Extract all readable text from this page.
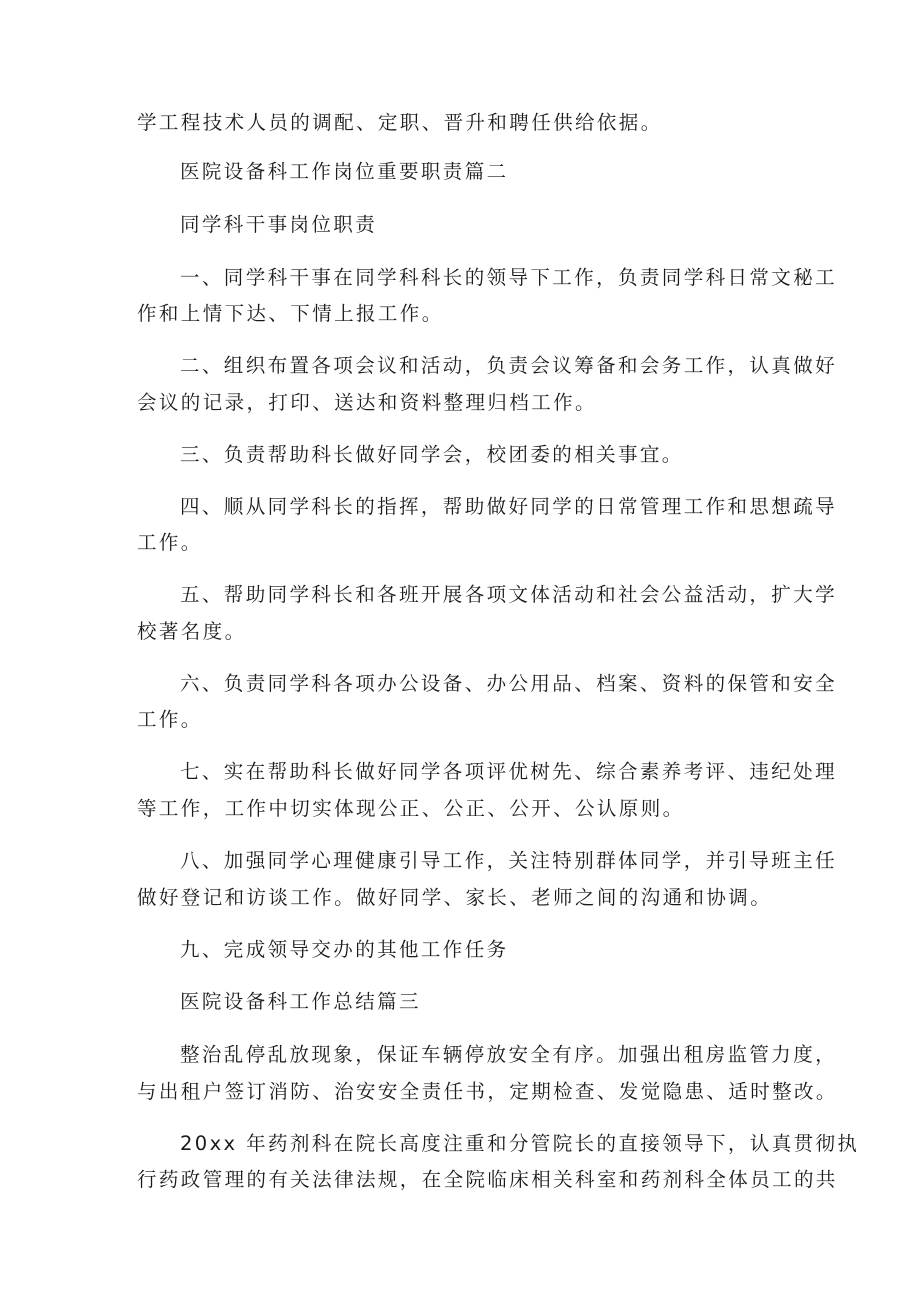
学工程技术人员的调配、定职、晋升和聘任供给依据。
医院设备科工作岗位重要职责篇二
同学科干事岗位职责
一、同学科干事在同学科科长的领导下工作，负责同学科日常文秘工
作和上情下达、下情上报工作。
二、组织布置各项会议和活动，负责会议筹备和会务工作，认真做好
会议的记录，打印、送达和资料整理归档工作。
三、负责帮助科长做好同学会，校团委的相关事宜。
四、顺从同学科长的指挥，帮助做好同学的日常管理工作和思想疏导
工作。
五、帮助同学科长和各班开展各项文体活动和社会公益活动，扩大学
校著名度。
六、负责同学科各项办公设备、办公用品、档案、资料的保管和安全
工作。
七、实在帮助科长做好同学各项评优树先、综合素养考评、违纪处理
等工作，工作中切实体现公正、公正、公开、公认原则。
八、加强同学心理健康引导工作，关注特别群体同学，并引导班主任
做好登记和访谈工作。做好同学、家长、老师之间的沟通和协调。
九、完成领导交办的其他工作任务
医院设备科工作总结篇三
整治乱停乱放现象，保证车辆停放安全有序。加强出租房监管力度，
与出租户签订消防、治安安全责任书，定期检查、发觉隐患、适时整改。
20xx 年药剂科在院长高度注重和分管院长的直接领导下，认真贯彻执
行药政管理的有关法律法规，在全院临床相关科室和药剂科全体员工的共
